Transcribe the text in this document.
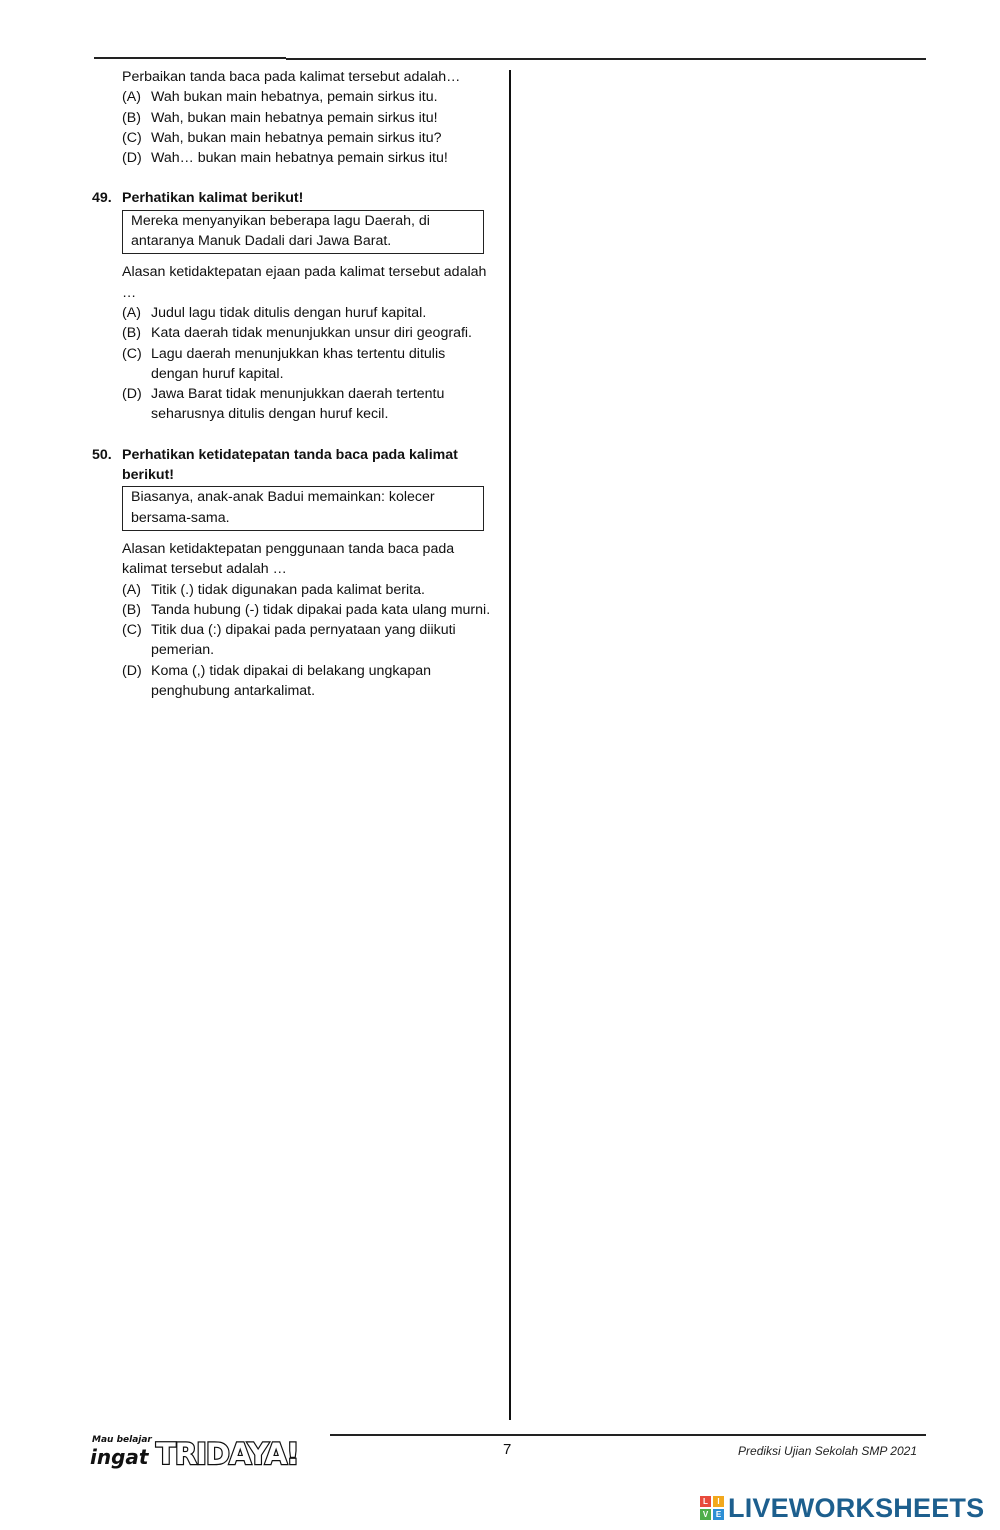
Perbaikan tanda baca pada kalimat tersebut adalah…
(A) Wah bukan main hebatnya, pemain sirkus itu.
(B) Wah, bukan main hebatnya pemain sirkus itu!
(C) Wah, bukan main hebatnya pemain sirkus itu?
(D) Wah… bukan main hebatnya pemain sirkus itu!
49. Perhatikan kalimat berikut!
Mereka menyanyikan beberapa lagu Daerah, di antaranya Manuk Dadali dari Jawa Barat.
Alasan ketidaktepatan ejaan pada kalimat tersebut adalah …
(A) Judul lagu tidak ditulis dengan huruf kapital.
(B) Kata daerah tidak menunjukkan unsur diri geografi.
(C) Lagu daerah menunjukkan khas tertentu ditulis dengan huruf kapital.
(D) Jawa Barat tidak menunjukkan daerah tertentu seharusnya ditulis dengan huruf kecil.
50. Perhatikan ketidatepatan tanda baca pada kalimat berikut!
Biasanya, anak-anak Badui memainkan: kolecer bersama-sama.
Alasan ketidaktepatan penggunaan tanda baca pada kalimat tersebut adalah …
(A) Titik (.) tidak digunakan pada kalimat berita.
(B) Tanda hubung (-) tidak dipakai pada kata ulang murni.
(C) Titik dua (:) dipakai pada pernyataan yang diikuti pemerian.
(D) Koma (,) tidak dipakai di belakang ungkapan penghubung antarkalimat.
Mau belajar
ingat TRIDAYA!	7	Prediksi Ujian Sekolah SMP 2021
L	I
V E LIVEWORKSHEETS
